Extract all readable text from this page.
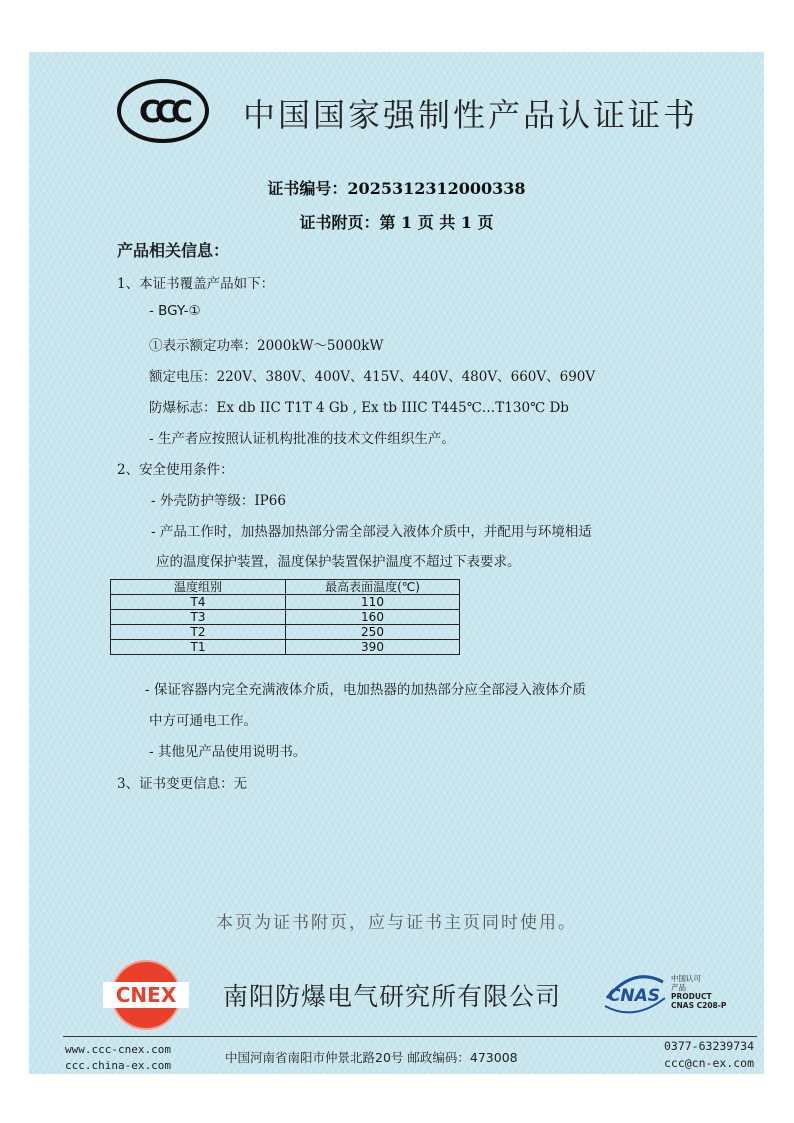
CCC 中国国家强制性产品认证证书
证书编号：2025312312000338
证书附页：第 1 页 共 1 页
产品相关信息：
1、本证书覆盖产品如下：
- BGY-①
①表示额定功率：2000kW～5000kW
额定电压：220V、380V、400V、415V、440V、480V、660V、690V
防爆标志：Ex db IIC T1T 4 Gb , Ex tb IIIC T445℃…T130℃ Db
- 生产者应按照认证机构批准的技术文件组织生产。
2、安全使用条件：
- 外壳防护等级：IP66
- 产品工作时，加热器加热部分需全部浸入液体介质中，并配用与环境相适
应的温度保护装置，温度保护装置保护温度不超过下表要求。
温度组别	最高表面温度(℃)
T4	110
T3	160
T2	250
T1	390
- 保证容器内完全充满液体介质，电加热器的加热部分应全部浸入液体介质
中方可通电工作。
- 其他见产品使用说明书。
3、证书变更信息：无
本页为证书附页，应与证书主页同时使用。
CNEX 南阳防爆电气研究所有限公司	CNAS
中国认可
产品
PRODUCT
CNAS C208-P
www.ccc-cnex.com
ccc.china-ex.com
中国河南省南阳市仲景北路20号 邮政编码：473008
0377-63239734
ccc@cn-ex.com
